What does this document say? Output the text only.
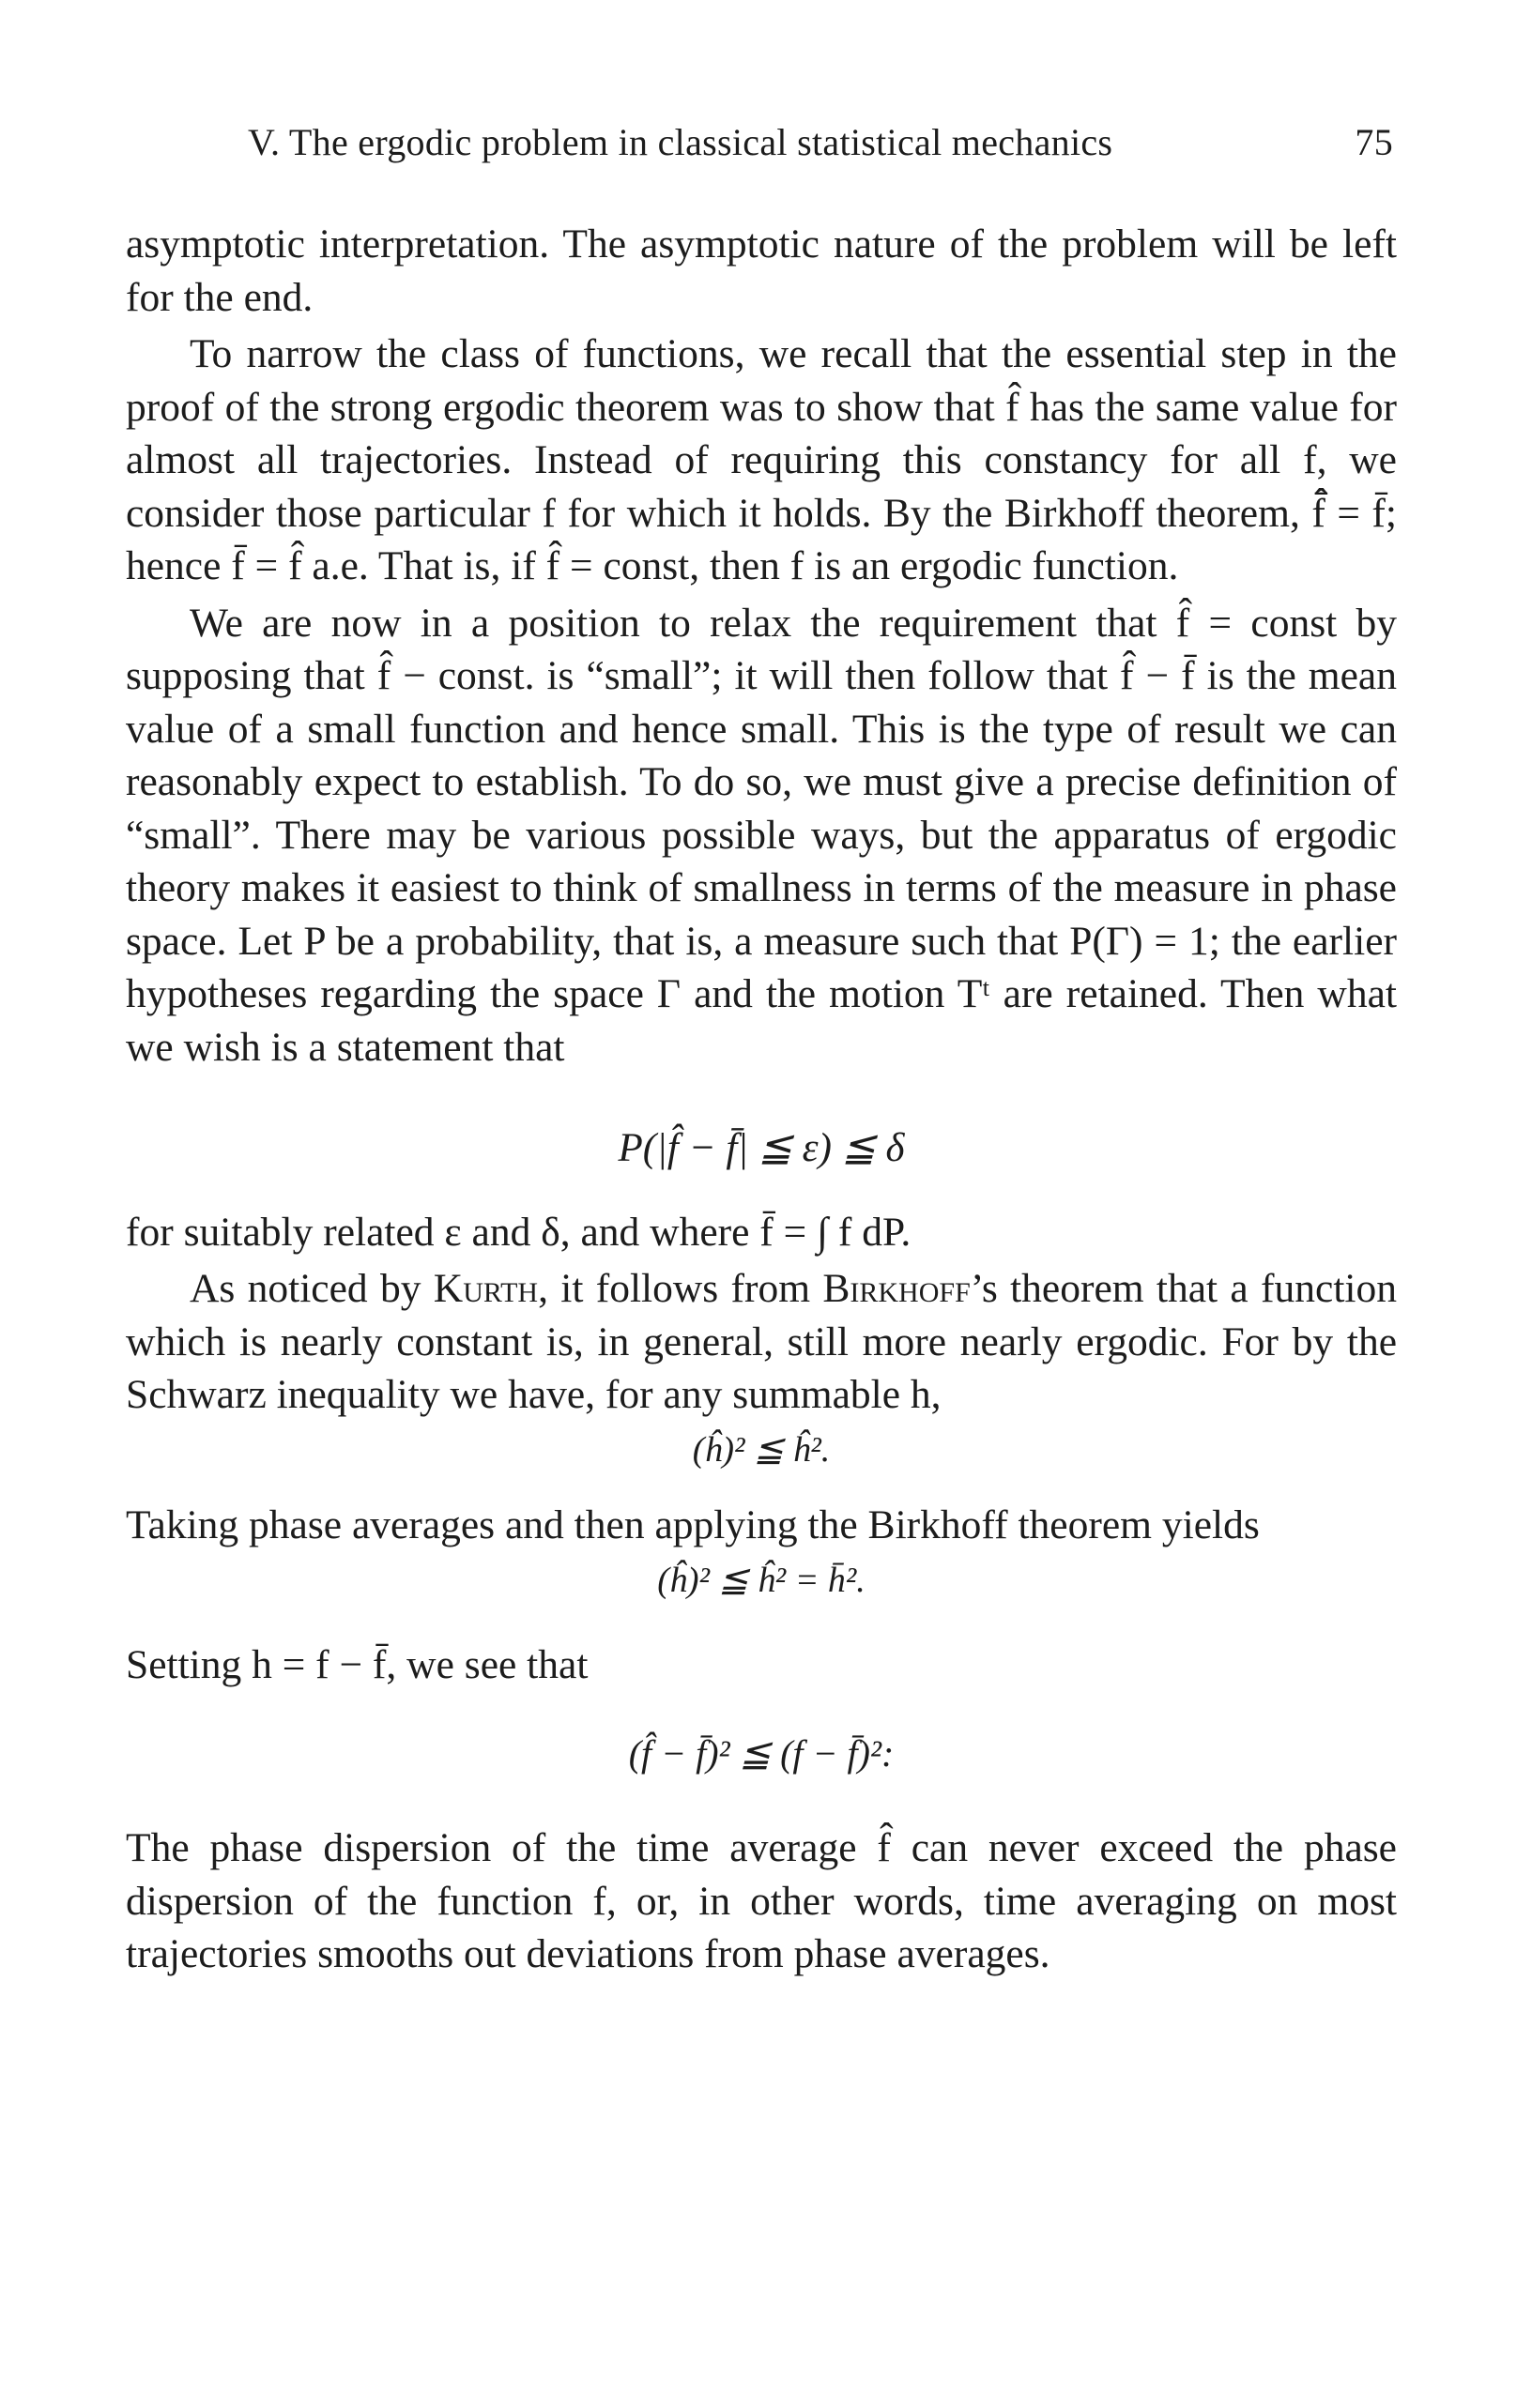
V. The ergodic problem in classical statistical mechanics	75

asymptotic interpretation. The asymptotic nature of the problem will be left for the end.

To narrow the class of functions, we recall that the essential step in the proof of the strong ergodic theorem was to show that f̂ has the same value for almost all trajectories. Instead of requiring this constancy for all f, we consider those particular f for which it holds. By the Birkhoff theorem, f̂̄ = f̄; hence f̄ = f̂ a.e. That is, if f̂ = const, then f is an ergodic function.

We are now in a position to relax the requirement that f̂ = const by supposing that f̂ − const. is “small”; it will then follow that f̂ − f̄ is the mean value of a small function and hence small. This is the type of result we can reasonably expect to establish. To do so, we must give a precise definition of “small”. There may be various possible ways, but the apparatus of ergodic theory makes it easiest to think of smallness in terms of the measure in phase space. Let P be a probability, that is, a measure such that P(Γ) = 1; the earlier hypotheses regarding the space Γ and the motion Tᵗ are retained. Then what we wish is a statement that

P(|f̂ − f̄| ≦ ε) ≦ δ

for suitably related ε and δ, and where f̄ = ∫ f dP.

As noticed by Kurth, it follows from Birkhoff’s theorem that a function which is nearly constant is, in general, still more nearly ergodic. For by the Schwarz inequality we have, for any summable h,

(ĥ)² ≦ ĥ².

Taking phase averages and then applying the Birkhoff theorem yields

(ĥ)² ≦ ĥ² = h̄².

Setting h = f − f̄, we see that

(f̂ − f̄)² ≦ (f − f̄)²:

The phase dispersion of the time average f̂ can never exceed the phase dispersion of the function f, or, in other words, time averaging on most trajectories smooths out deviations from phase averages.
